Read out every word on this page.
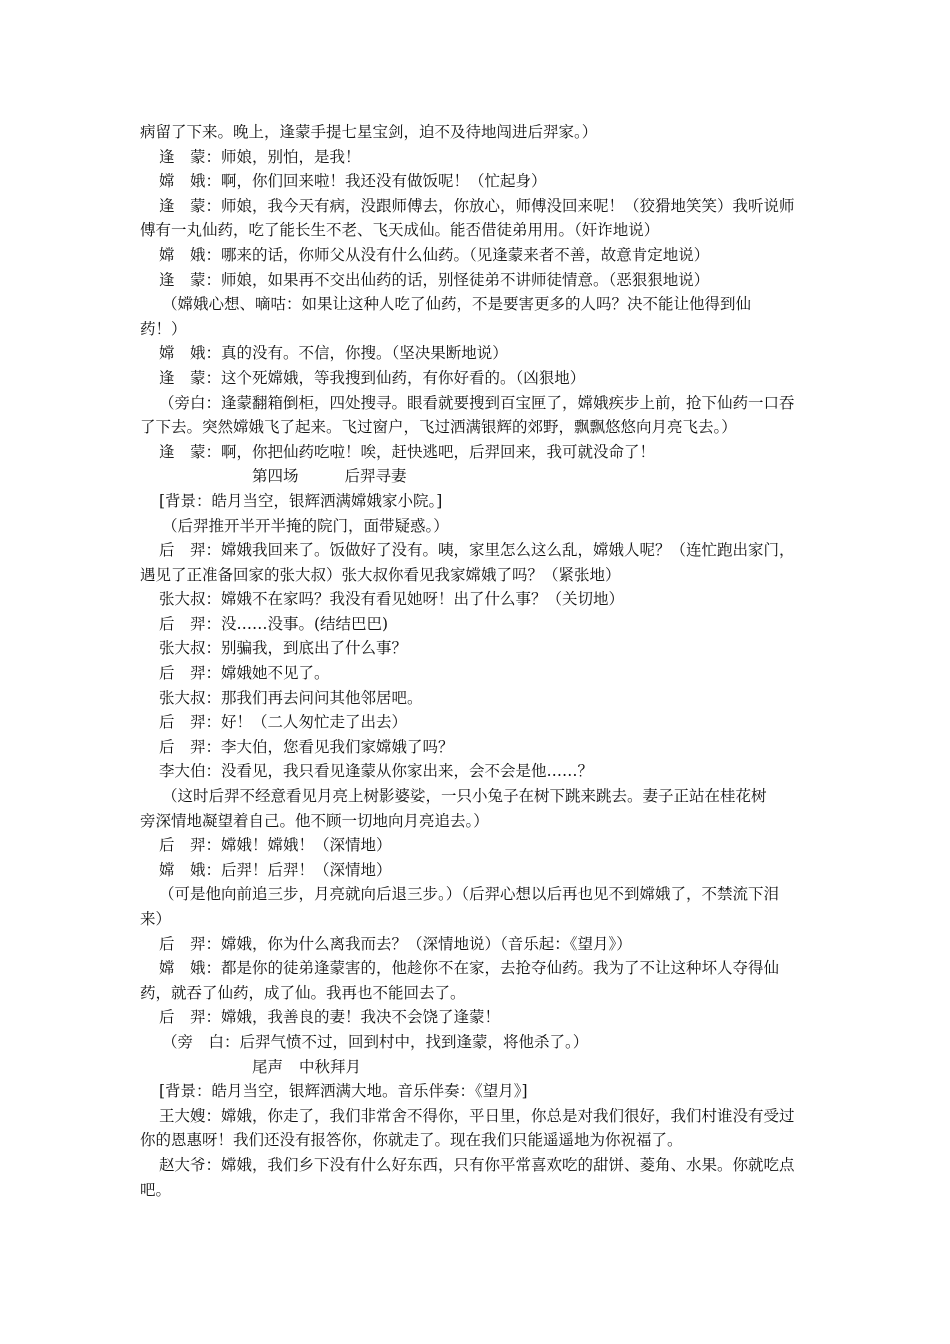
病留了下来。晚上，逢蒙手提七星宝剑，迫不及待地闯进后羿家。）
逢　蒙：师娘，别怕，是我！
嫦　娥：啊，你们回来啦！我还没有做饭呢！（忙起身）
逢　蒙：师娘，我今天有病，没跟师傅去，你放心，师傅没回来呢！（狡猾地笑笑）我听说师
傅有一丸仙药，吃了能长生不老、飞天成仙。能否借徒弟用用。（奸诈地说）
嫦　娥：哪来的话，你师父从没有什么仙药。（见逢蒙来者不善，故意肯定地说）
逢　蒙：师娘，如果再不交出仙药的话，别怪徒弟不讲师徒情意。（恶狠狠地说）
（嫦娥心想、嘀咕：如果让这种人吃了仙药，不是要害更多的人吗？决不能让他得到仙
药！）
嫦　娥：真的没有。不信，你搜。（坚决果断地说）
逢　蒙：这个死嫦娥，等我搜到仙药，有你好看的。（凶狠地）
（旁白：逢蒙翻箱倒柜，四处搜寻。眼看就要搜到百宝匣了，嫦娥疾步上前，抢下仙药一口吞
了下去。突然嫦娥飞了起来。飞过窗户，飞过洒满银辉的郊野，飘飘悠悠向月亮飞去。）
逢　蒙：啊，你把仙药吃啦！唉，赶快逃吧，后羿回来，我可就没命了！
第四场	后羿寻妻
[背景：皓月当空，银辉洒满嫦娥家小院。]
（后羿推开半开半掩的院门，面带疑惑。）
后　羿：嫦娥我回来了。饭做好了没有。咦，家里怎么这么乱，嫦娥人呢？（连忙跑出家门，
遇见了正准备回家的张大叔）张大叔你看见我家嫦娥了吗？（紧张地）
张大叔：嫦娥不在家吗？我没有看见她呀！出了什么事？（关切地）
后　羿：没……没事。(结结巴巴)
张大叔：别骗我，到底出了什么事？
后　羿：嫦娥她不见了。
张大叔：那我们再去问问其他邻居吧。
后　羿：好！（二人匆忙走了出去）
后　羿：李大伯，您看见我们家嫦娥了吗？
李大伯：没看见，我只看见逢蒙从你家出来，会不会是他……？
（这时后羿不经意看见月亮上树影婆娑，一只小兔子在树下跳来跳去。妻子正站在桂花树
旁深情地凝望着自己。他不顾一切地向月亮追去。）
后　羿：嫦娥！嫦娥！（深情地）
嫦　娥：后羿！后羿！（深情地）
（可是他向前追三步，月亮就向后退三步。）（后羿心想以后再也见不到嫦娥了，不禁流下泪
来）
后　羿：嫦娥，你为什么离我而去？（深情地说）（音乐起：《望月》）
嫦　娥：都是你的徒弟逢蒙害的，他趁你不在家，去抢夺仙药。我为了不让这种坏人夺得仙
药，就吞了仙药，成了仙。我再也不能回去了。
后　羿：嫦娥，我善良的妻！我决不会饶了逢蒙！
（旁　白：后羿气愤不过，回到村中，找到逢蒙，将他杀了。）
尾声 中秋拜月
[背景：皓月当空，银辉洒满大地。音乐伴奏：《望月》]
王大嫂：嫦娥，你走了，我们非常舍不得你，平日里，你总是对我们很好，我们村谁没有受过
你的恩惠呀！我们还没有报答你，你就走了。现在我们只能遥遥地为你祝福了。
赵大爷：嫦娥，我们乡下没有什么好东西，只有你平常喜欢吃的甜饼、菱角、水果。你就吃点
吧。
